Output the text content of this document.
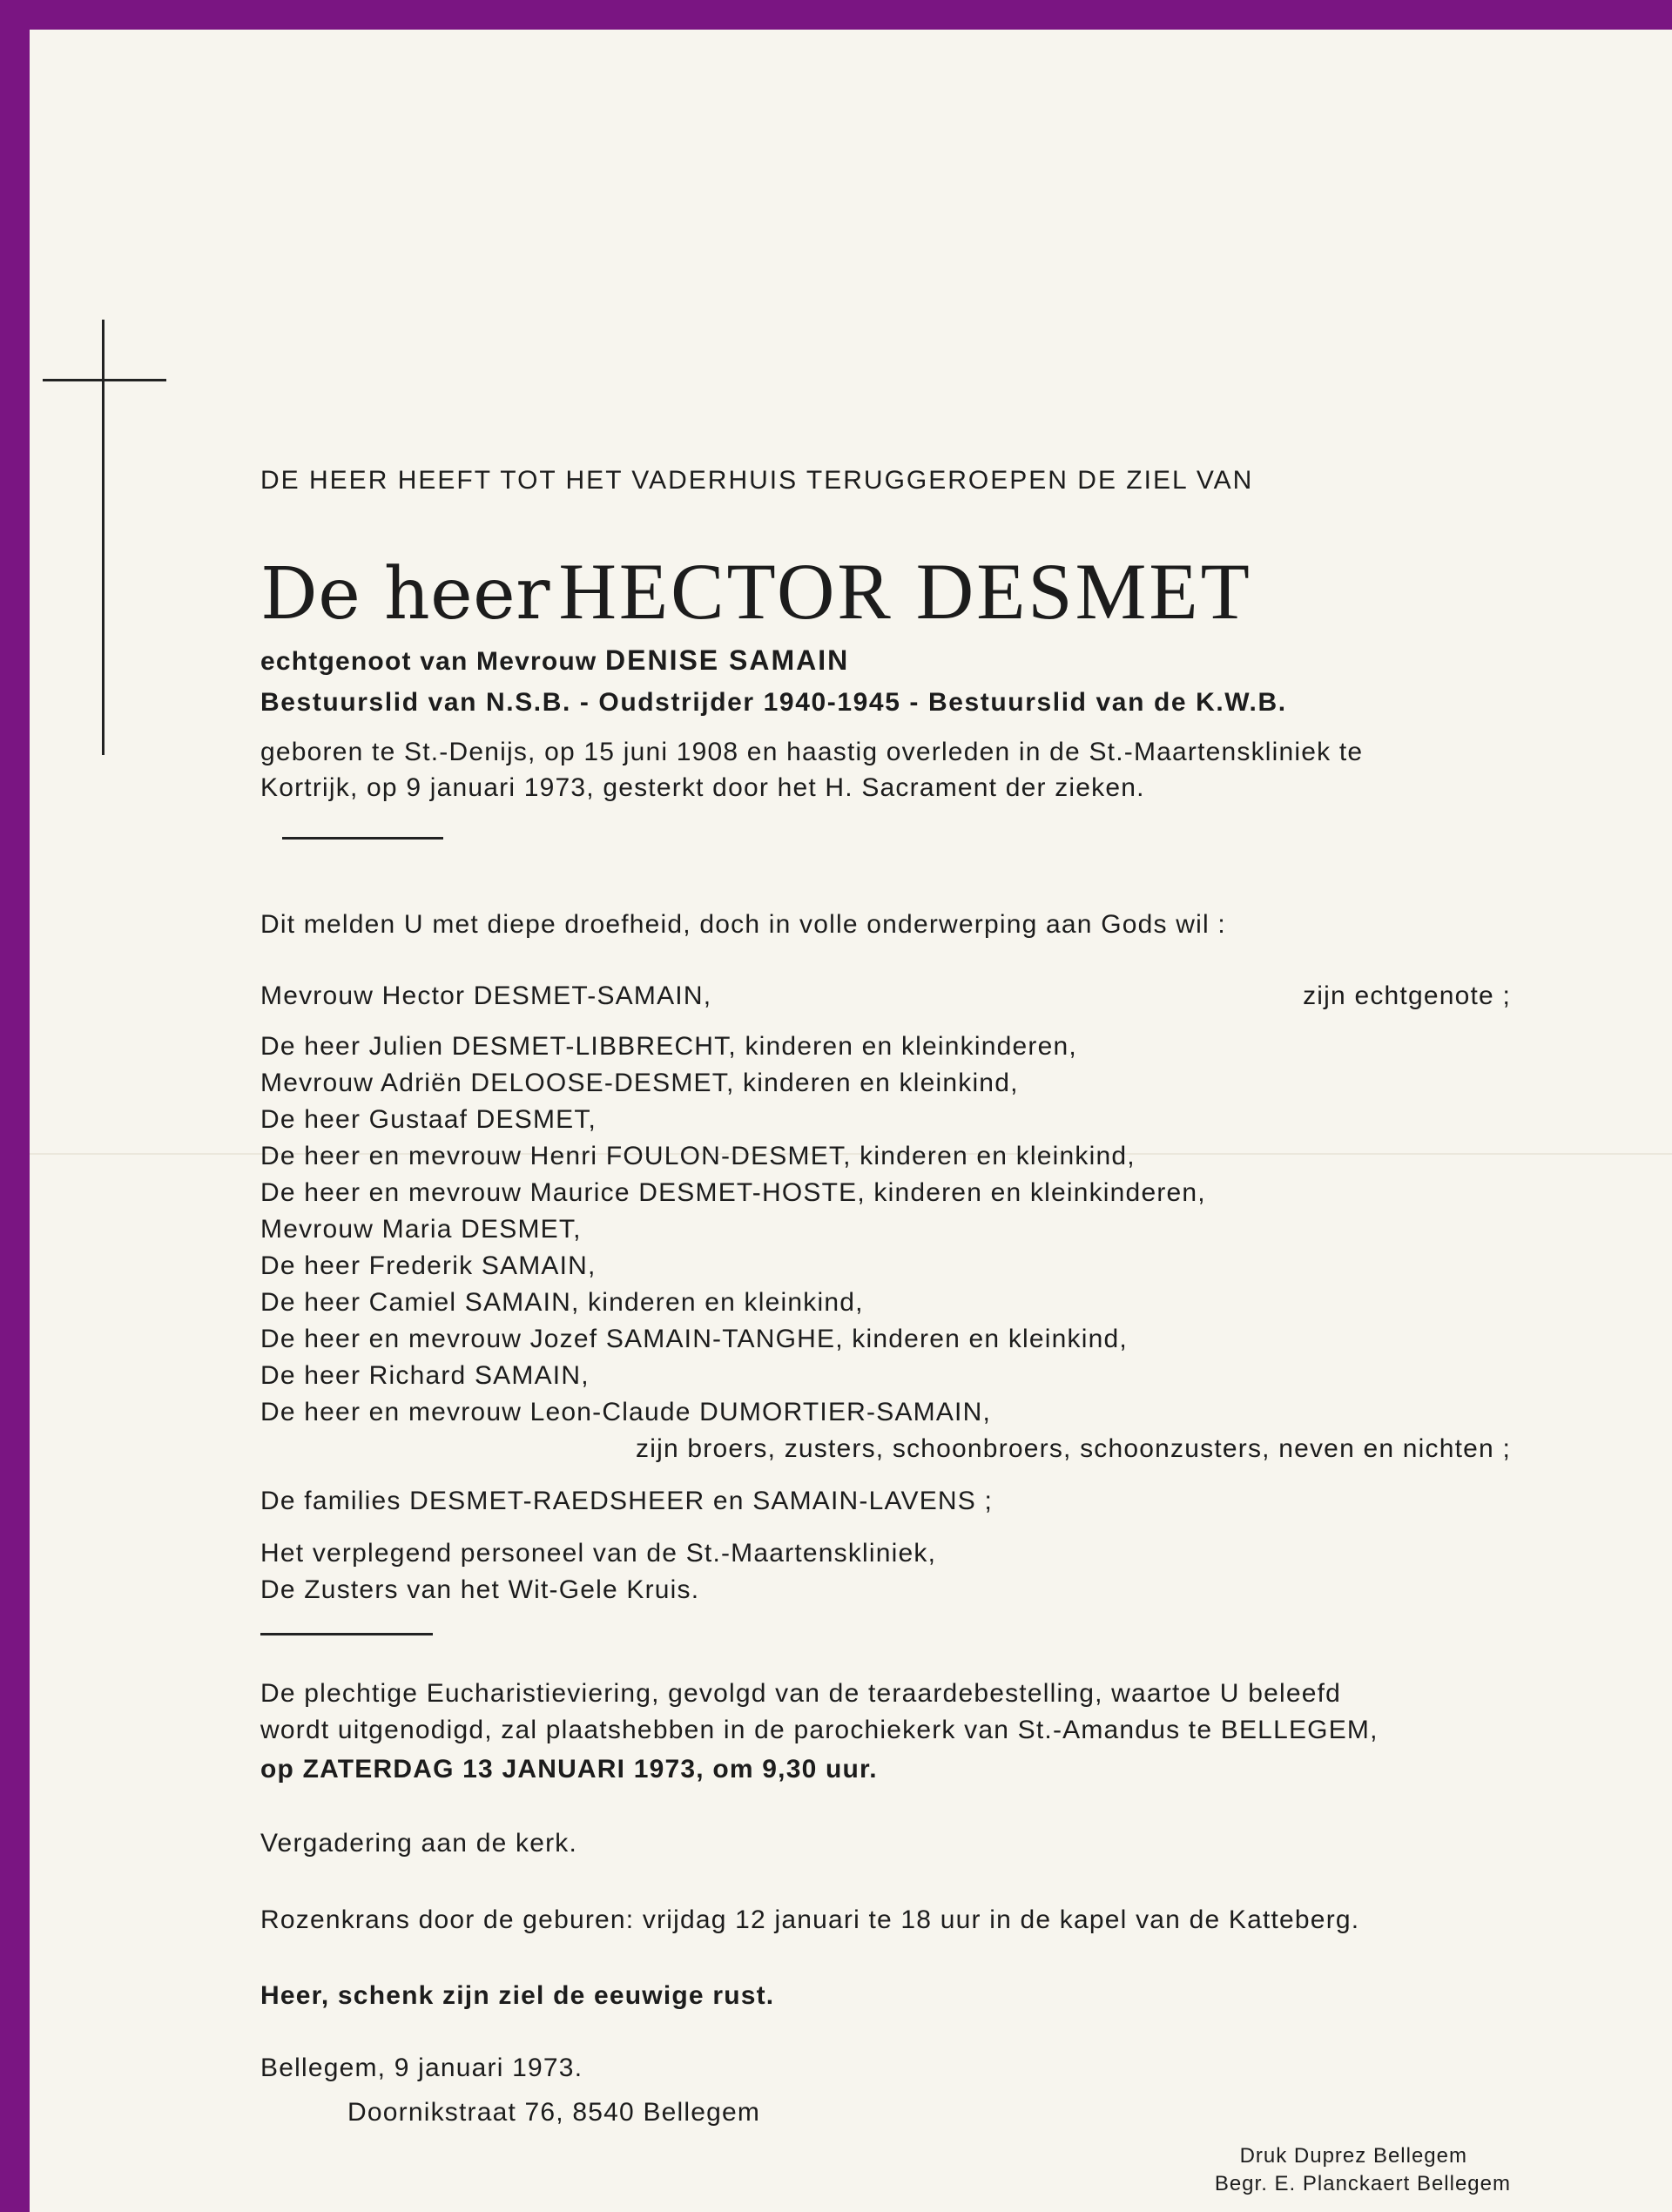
DE HEER HEEFT TOT HET VADERHUIS TERUGGEROEPEN DE ZIEL VAN
De heer HECTOR DESMET
echtgenoot van Mevrouw DENISE SAMAIN
Bestuurslid van N.S.B. - Oudstrijder 1940-1945 - Bestuurslid van de K.W.B.
geboren te St.-Denijs, op 15 juni 1908 en haastig overleden in de St.-Maartenskliniek te
Kortrijk, op 9 januari 1973, gesterkt door het H. Sacrament der zieken.
Dit melden U met diepe droefheid, doch in volle onderwerping aan Gods wil :
Mevrouw Hector DESMET-SAMAIN,	zijn echtgenote ;
De heer Julien DESMET-LIBBRECHT, kinderen en kleinkinderen,
Mevrouw Adriën DELOOSE-DESMET, kinderen en kleinkind,
De heer Gustaaf DESMET,
De heer en mevrouw Henri FOULON-DESMET, kinderen en kleinkind,
De heer en mevrouw Maurice DESMET-HOSTE, kinderen en kleinkinderen,
Mevrouw Maria DESMET,
De heer Frederik SAMAIN,
De heer Camiel SAMAIN, kinderen en kleinkind,
De heer en mevrouw Jozef SAMAIN-TANGHE, kinderen en kleinkind,
De heer Richard SAMAIN,
De heer en mevrouw Leon-Claude DUMORTIER-SAMAIN,
zijn broers, zusters, schoonbroers, schoonzusters, neven en nichten ;
De families DESMET-RAEDSHEER en SAMAIN-LAVENS ;
Het verplegend personeel van de St.-Maartenskliniek,
De Zusters van het Wit-Gele Kruis.
De plechtige Eucharistieviering, gevolgd van de teraardebestelling, waartoe U beleefd
wordt uitgenodigd, zal plaatshebben in de parochiekerk van St.-Amandus te BELLEGEM,
op ZATERDAG 13 JANUARI 1973, om 9,30 uur.
Vergadering aan de kerk.
Rozenkrans door de geburen: vrijdag 12 januari te 18 uur in de kapel van de Katteberg.
Heer, schenk zijn ziel de eeuwige rust.
Bellegem, 9 januari 1973.
Doornikstraat 76, 8540 Bellegem
Druk Duprez Bellegem
Begr. E. Planckaert Bellegem
